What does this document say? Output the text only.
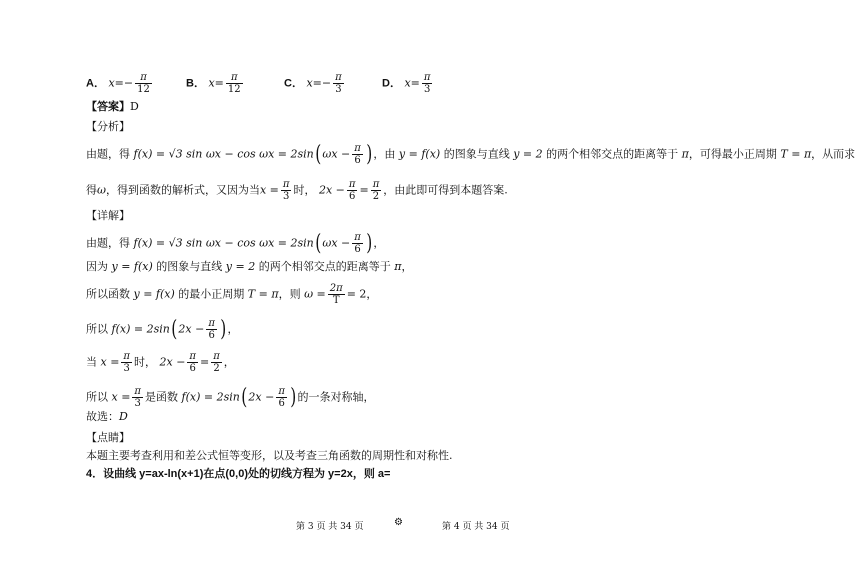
A． $x=- \frac{\pi}{12}$	B． $x= \frac{\pi}{12}$	C． $x=- \frac{\pi}{3}$	D． $x= \frac{\pi}{3}$
【答案】D
【分析】
由题，得 f(x) = √3 $\sin \omega x - \cos \omega x = 2\sin(\omega x - \frac{\pi}{6}$ )，由 y = f(x) 的图象与直线 y = 2 的两个相邻交点的距离等于 π，可得最小正周期 T = π，从而求
得ω，得到函数的解析式，又因为当$x = \frac{\pi}{3}$ 时， $2x - \frac{\pi}{6} = \frac{\pi}{2}$ ，由此即可得到本题答案.
【详解】
由题，得 f(x) = √3 $\sin \omega x - \cos \omega x = 2\sin(\omega x - \frac{\pi}{6}$ )，
因为 y = f(x) 的图象与直线 y = 2 的两个相邻交点的距离等于 π，
所以函数 y = f(x) 的最小正周期 T = π，则 $\omega = \frac{2\pi}{T} = 2$，
所以 $f(x) = 2\sin(2x - \frac{\pi}{6}$ )，
当 $x = \frac{\pi}{3}$ 时， $2x - \frac{\pi}{6} = \frac{\pi}{2}$ ，
所以 $x = \frac{\pi}{3}$ 是函数 $f(x) = 2\sin(2x - \frac{\pi}{6}$ )的一条对称轴，
故选：D
【点睛】
本题主要考查利用和差公式恒等变形，以及考查三角函数的周期性和对称性.
4．设曲线 y=ax-ln(x+1)在点(0,0)处的切线方程为 y=2x，则 a=
第 3 页 共 34 页	⚙	第 4 页 共 34 页
